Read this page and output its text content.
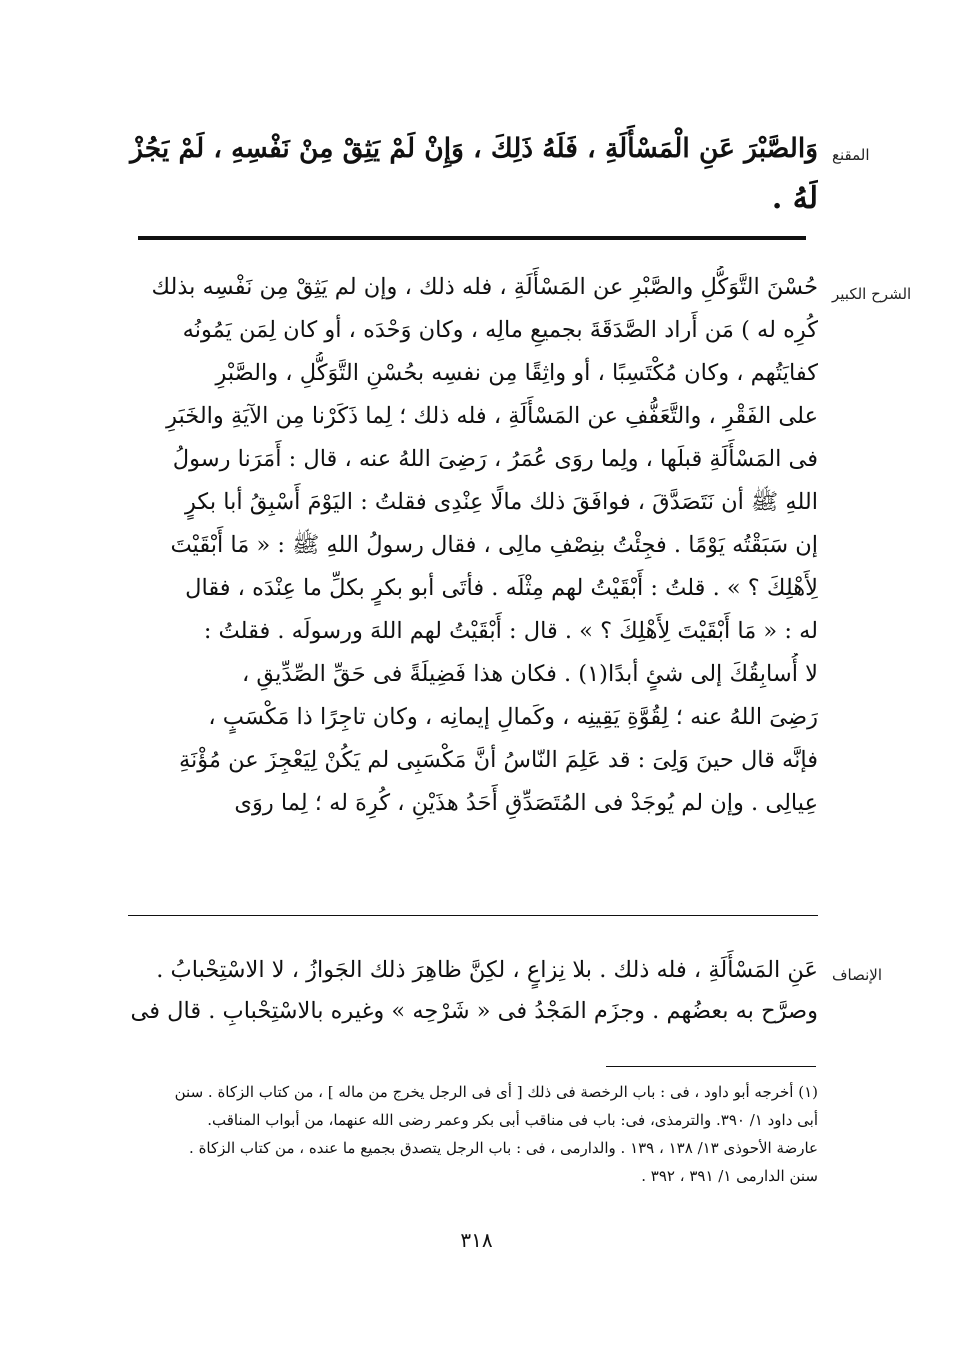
المقنع
وَالصَّبْرَ عَنِ الْمَسْأَلَةِ ، فَلَهُ ذَلِكَ ، وَإِنْ لَمْ يَثِقْ مِنْ نَفْسِهِ ، لَمْ يَجُزْ
لَهُ .
الشرح الكبير
حُسْنَ التَّوَكُّلِ والصَّبْرِ عن المَسْأَلَةِ ، فله ذلك ، وإن لم يَثِقْ مِن نَفْسِه بذلك
كُرِه له ) مَن أَراد الصَّدَقَةَ بجميعِ مالِه ، وكان وَحْدَه ، أو كان لِمَن يَمُونُه
كفايَتُهم ، وكان مُكْتَسِبًا ، أو واثِقًا مِن نفسِه بحُسْنِ التَّوَكُّلِ ، والصَّبْرِ
على الفَقْرِ ، والتَّعَفُّفِ عن المَسْأَلَةِ ، فله ذلك ؛ لِما ذَكَرْنا مِن الآيَةِ والخَبَرِ
فى المَسْأَلَةِ قبلَها ، ولِما روَى عُمَرُ ، رَضِىَ اللهُ عنه ، قال : أَمَرَنا رسولُ
اللهِ ﷺ أن نَتَصَدَّقَ ، فوافَقَ ذلك مالًا عِنْدِى فقلتُ : اليَوْمَ أَسْبِقُ أبا بكرٍ
إن سَبَقْتُه يَوْمًا . فجِئْتُ بنِصْفِ مالِى ، فقال رسولُ اللهِ ﷺ : « مَا أَبْقَيْتَ
لِأَهْلِكَ ؟ » . قلتُ : أَبْقَيْتُ لهم مِثْلَه . فأتَى أبو بكرٍ بكلِّ ما عِنْدَه ، فقال
له : « مَا أَبْقَيْتَ لِأَهْلِكَ ؟ » . قال : أَبْقَيْتُ لهم اللهَ ورسولَه . فقلتُ :
لا أُسابِقُكَ إلى شئٍ أبدًا(١) . فكان هذا فَضِيلَةً فى حَقِّ الصِّدِّيقِ ،
رَضِىَ اللهُ عنه ؛ لِقُوَّةِ يَقِينِه ، وكَمالِ إيمانِه ، وكان تاجِرًا ذا مَكْسَبٍ ،
فإنَّه قال حينَ وَلِىَ : قد عَلِمَ النّاسُ أنَّ مَكْسَبِى لم يَكُنْ لِيَعْجِزَ عن مُؤْنَةِ
عِيالِى . وإن لم يُوجَدْ فى المُتَصَدِّقِ أَحَدُ هذَيْنِ ، كُرِهَ له ؛ لِما روَى
الإنصاف
عَنِ المَسْأَلَةِ ، فله ذلك . بلا نِزاعٍ ، لكِنَّ ظاهِرَ ذلك الجَوازُ ، لا الاسْتِحْبابُ .
وصرَّح به بعضُهم . وجزَم المَجْدُ فى « شَرْحِه » وغيره بالاسْتِحْبابِ . قال فى
(١) أخرجه أبو داود ، فى : باب الرخصة فى ذلك [ أى فى الرجل يخرج من ماله ] ، من كتاب الزكاة . سنن
أبى داود ١/ ٣٩٠. والترمذى، فى: باب فى مناقب أبى بكر وعمر رضى الله عنهما، من أبواب المناقب.
عارضة الأحوذى ١٣/ ١٣٨ ، ١٣٩ . والدارمى ، فى : باب الرجل يتصدق بجميع ما عنده ، من كتاب الزكاة .
سنن الدارمى ١/ ٣٩١ ، ٣٩٢ .
٣١٨
